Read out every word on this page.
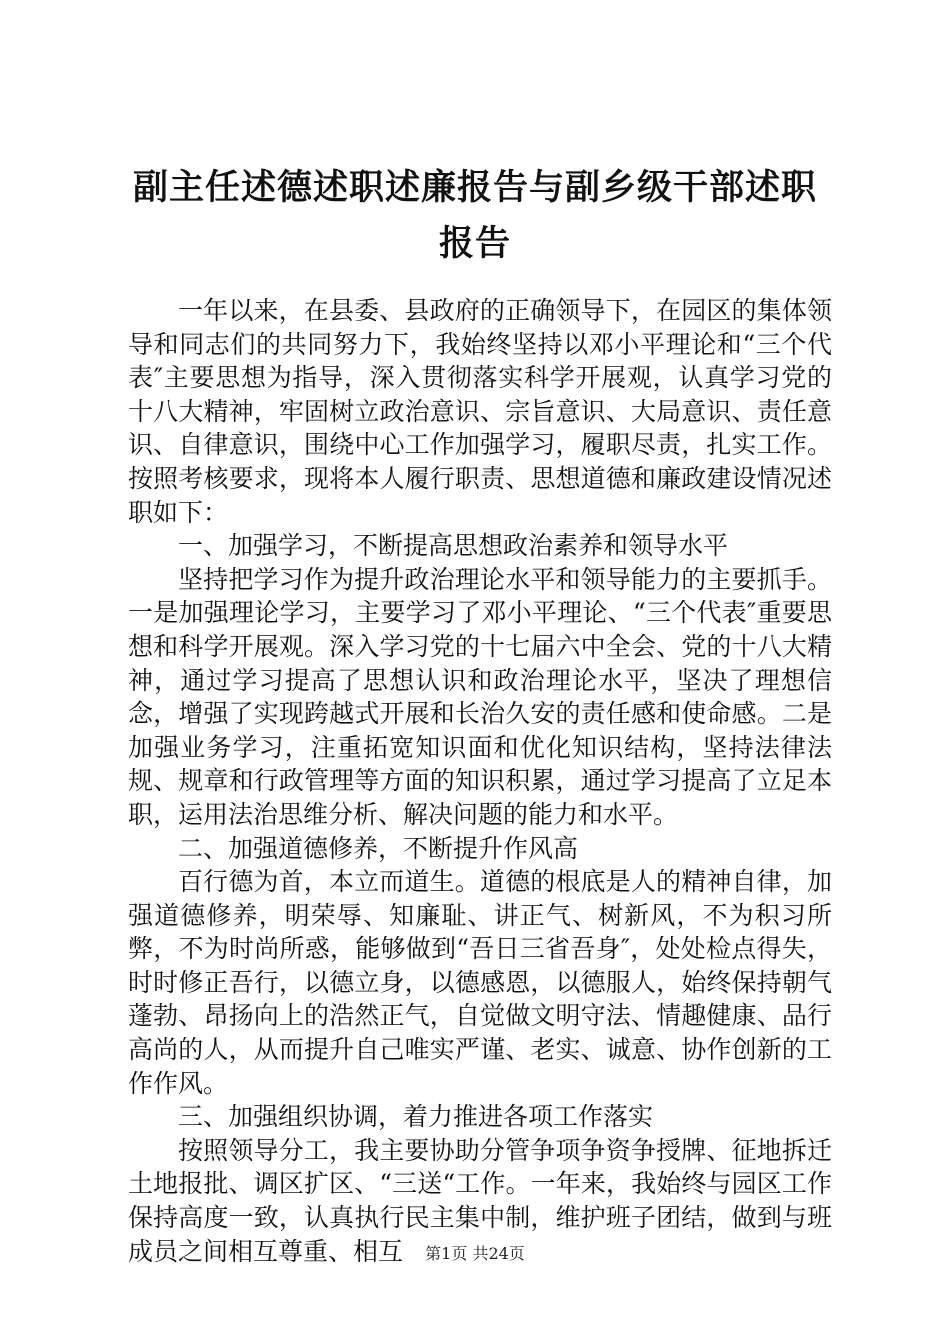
副主任述德述职述廉报告与副乡级干部述职报告

一年以来，在县委、县政府的正确领导下，在园区的集体领导和同志们的共同努力下，我始终坚持以邓小平理论和“三个代表″主要思想为指导，深入贯彻落实科学开展观，认真学习党的十八大精神，牢固树立政治意识、宗旨意识、大局意识、责任意识、自律意识，围绕中心工作加强学习，履职尽责，扎实工作。按照考核要求，现将本人履行职责、思想道德和廉政建设情况述职如下：

一、加强学习，不断提高思想政治素养和领导水平

坚持把学习作为提升政治理论水平和领导能力的主要抓手。一是加强理论学习，主要学习了邓小平理论、“三个代表″重要思想和科学开展观。深入学习党的十七届六中全会、党的十八大精神，通过学习提高了思想认识和政治理论水平，坚决了理想信念，增强了实现跨越式开展和长治久安的责任感和使命感。二是加强业务学习，注重拓宽知识面和优化知识结构，坚持法律法规、规章和行政管理等方面的知识积累，通过学习提高了立足本职，运用法治思维分析、解决问题的能力和水平。

二、加强道德修养，不断提升作风高

百行德为首，本立而道生。道德的根底是人的精神自律，加强道德修养，明荣辱、知廉耻、讲正气、树新风，不为积习所弊，不为时尚所惑，能够做到“吾日三省吾身″，处处检点得失，时时修正吾行，以德立身，以德感恩，以德服人，始终保持朝气蓬勃、昂扬向上的浩然正气，自觉做文明守法、情趣健康、品行高尚的人，从而提升自己唯实严谨、老实、诚意、协作创新的工作作风。

三、加强组织协调，着力推进各项工作落实

按照领导分工，我主要协助分管争项争资争授牌、征地拆迁土地报批、调区扩区、“三送“工作。一年来，我始终与园区工作保持高度一致，认真执行民主集中制，维护班子团结，做到与班成员之间相互尊重、相互	第1页 共24页
